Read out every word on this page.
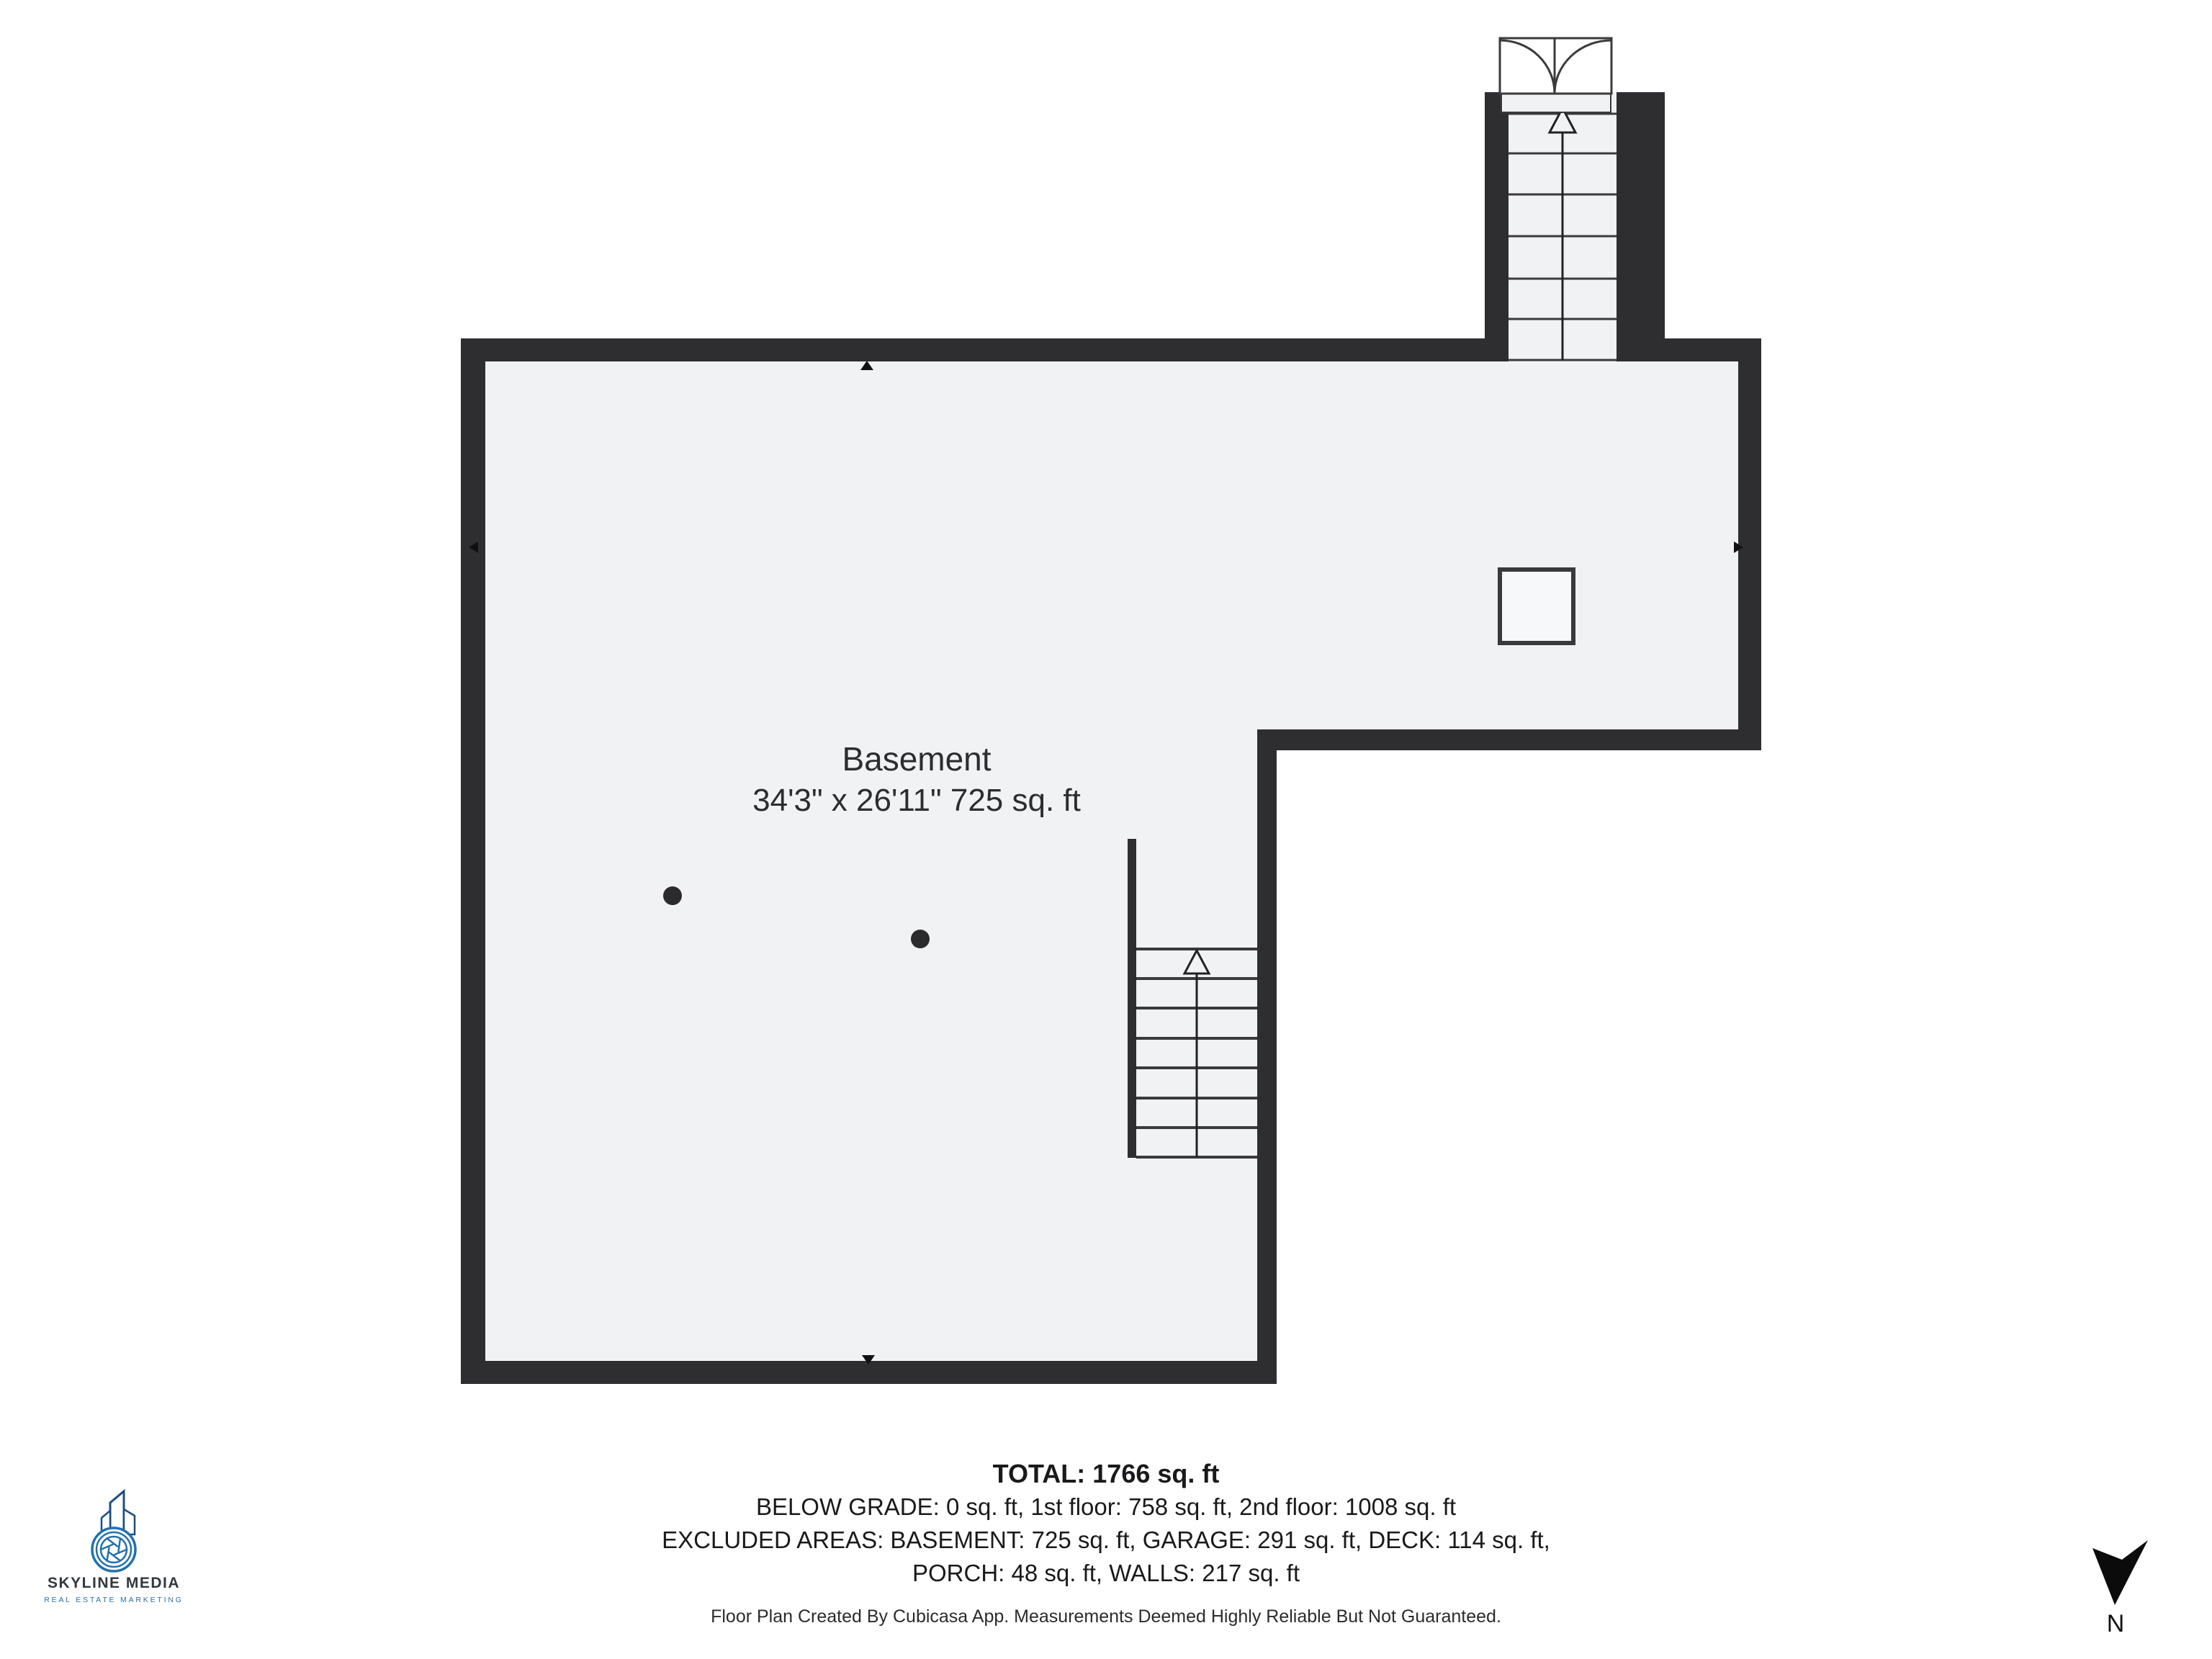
Basement
34'3" x 26'11" 725 sq. ft
TOTAL: 1766 sq. ft
BELOW GRADE: 0 sq. ft, 1st floor: 758 sq. ft, 2nd floor: 1008 sq. ft
EXCLUDED AREAS: BASEMENT: 725 sq. ft, GARAGE: 291 sq. ft, DECK: 114 sq. ft,
PORCH: 48 sq. ft, WALLS: 217 sq. ft
Floor Plan Created By Cubicasa App. Measurements Deemed Highly Reliable But Not Guaranteed.
SKYLINE MEDIA
REAL ESTATE MARKETING
N
